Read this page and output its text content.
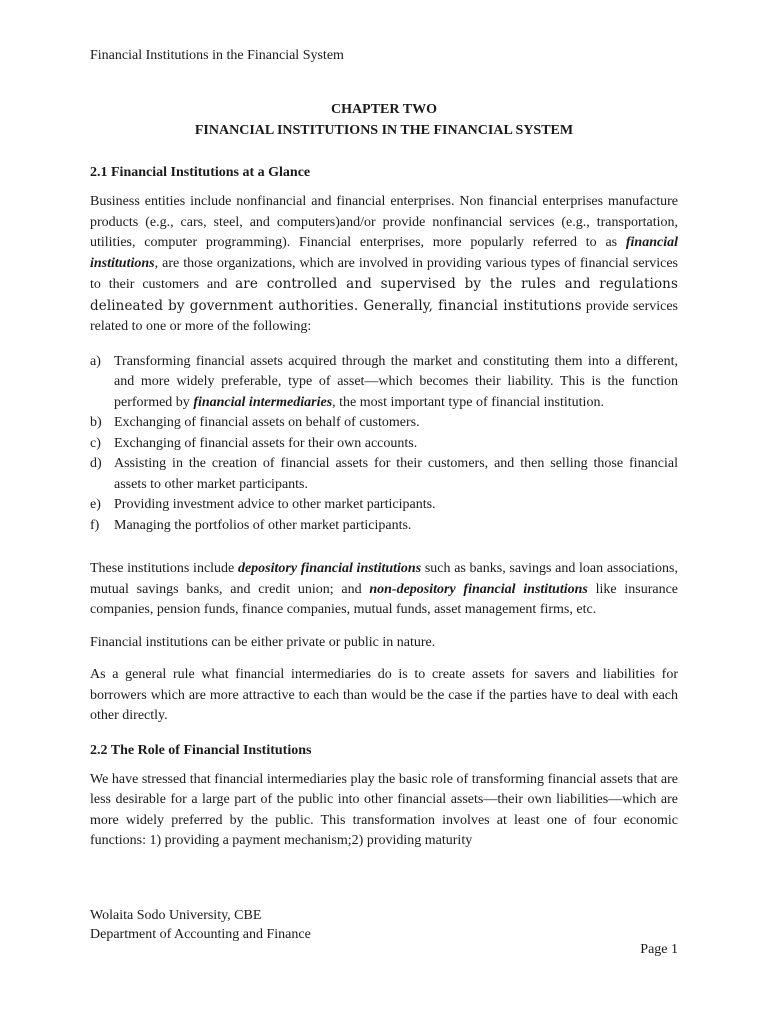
Financial Institutions in the Financial System
CHAPTER TWO
FINANCIAL INSTITUTIONS IN THE FINANCIAL SYSTEM
2.1 Financial Institutions at a Glance

Business entities include nonfinancial and financial enterprises. Non financial enterprises manufacture products (e.g., cars, steel, and computers)and/or provide nonfinancial services (e.g., transportation, utilities, computer programming). Financial enterprises, more popularly referred to as financial institutions, are those organizations, which are involved in providing various types of financial services to their customers and are controlled and supervised by the rules and regulations delineated by government authorities. Generally, financial institutions provide services related to one or more of the following:

a) Transforming financial assets acquired through the market and constituting them into a different, and more widely preferable, type of asset—which becomes their liability. This is the function performed by financial intermediaries, the most important type of financial institution.
b) Exchanging of financial assets on behalf of customers.
c) Exchanging of financial assets for their own accounts.
d) Assisting in the creation of financial assets for their customers, and then selling those financial assets to other market participants.
e) Providing investment advice to other market participants.
f) Managing the portfolios of other market participants.

These institutions include depository financial institutions such as banks, savings and loan associations, mutual savings banks, and credit union; and non-depository financial institutions like insurance companies, pension funds, finance companies, mutual funds, asset management firms, etc.

Financial institutions can be either private or public in nature.

As a general rule what financial intermediaries do is to create assets for savers and liabilities for borrowers which are more attractive to each than would be the case if the parties have to deal with each other directly.

2.2 The Role of Financial Institutions

We have stressed that financial intermediaries play the basic role of transforming financial assets that are less desirable for a large part of the public into other financial assets—their own liabilities—which are more widely preferred by the public. This transformation involves at least one of four economic functions: 1) providing a payment mechanism;2) providing maturity

Wolaita Sodo University, CBE
Department of Accounting and Finance
Page 1
